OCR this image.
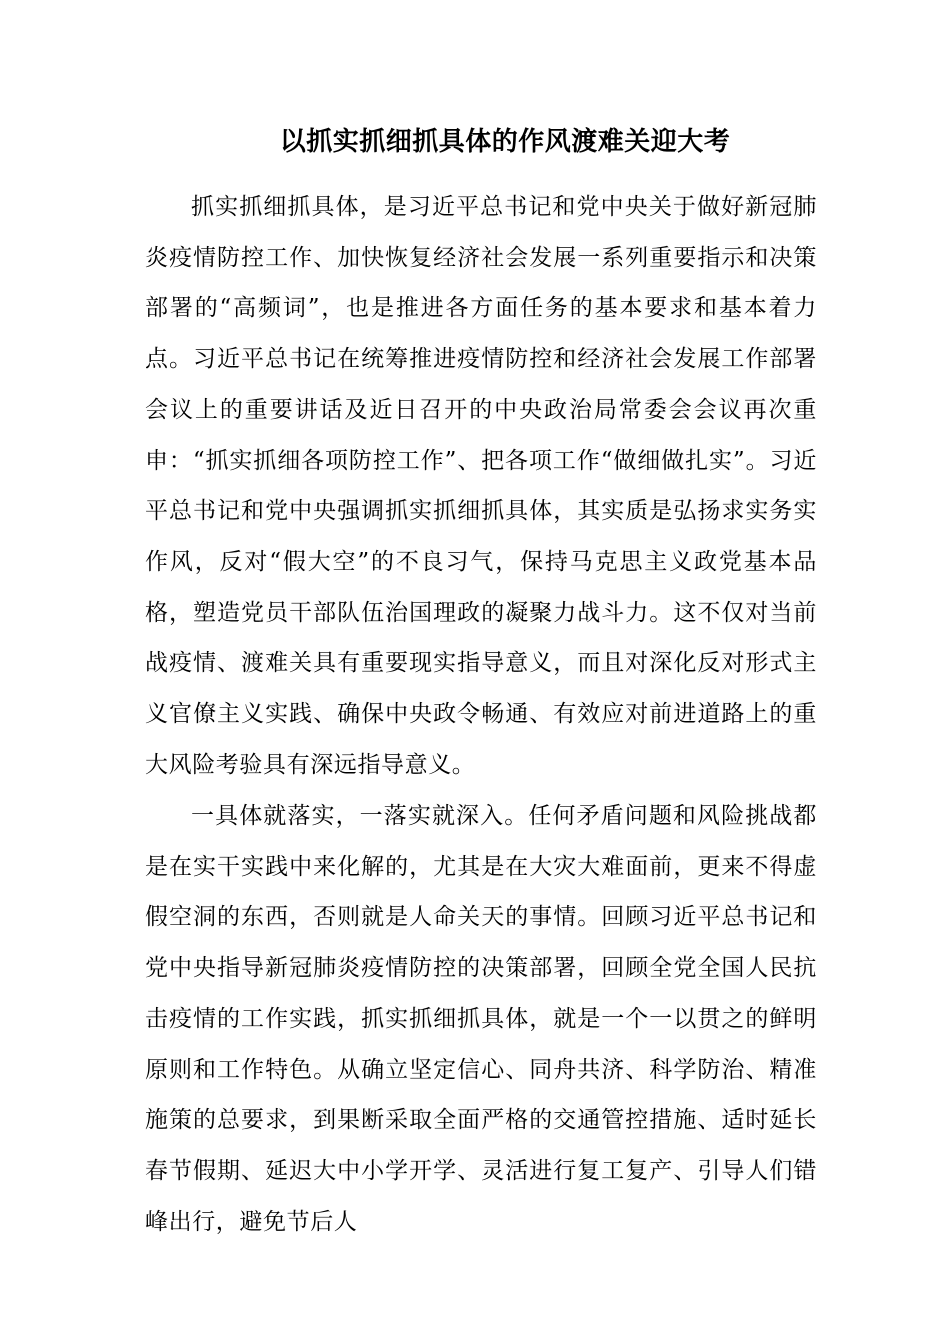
以抓实抓细抓具体的作风渡难关迎大考

抓实抓细抓具体，是习近平总书记和党中央关于做好新冠肺炎疫情防控工作、加快恢复经济社会发展一系列重要指示和决策部署的“高频词”，也是推进各方面任务的基本要求和基本着力点。习近平总书记在统筹推进疫情防控和经济社会发展工作部署会议上的重要讲话及近日召开的中央政治局常委会会议再次重申：“抓实抓细各项防控工作”、把各项工作“做细做扎实”。习近平总书记和党中央强调抓实抓细抓具体，其实质是弘扬求实务实作风，反对“假大空”的不良习气，保持马克思主义政党基本品格，塑造党员干部队伍治国理政的凝聚力战斗力。这不仅对当前战疫情、渡难关具有重要现实指导意义，而且对深化反对形式主义官僚主义实践、确保中央政令畅通、有效应对前进道路上的重大风险考验具有深远指导意义。

一具体就落实，一落实就深入。任何矛盾问题和风险挑战都是在实干实践中来化解的，尤其是在大灾大难面前，更来不得虚假空洞的东西，否则就是人命关天的事情。回顾习近平总书记和党中央指导新冠肺炎疫情防控的决策部署，回顾全党全国人民抗击疫情的工作实践，抓实抓细抓具体，就是一个一以贯之的鲜明原则和工作特色。从确立坚定信心、同舟共济、科学防治、精准施策的总要求，到果断采取全面严格的交通管控措施、适时延长春节假期、延迟大中小学开学、灵活进行复工复产、引导人们错峰出行，避免节后人
